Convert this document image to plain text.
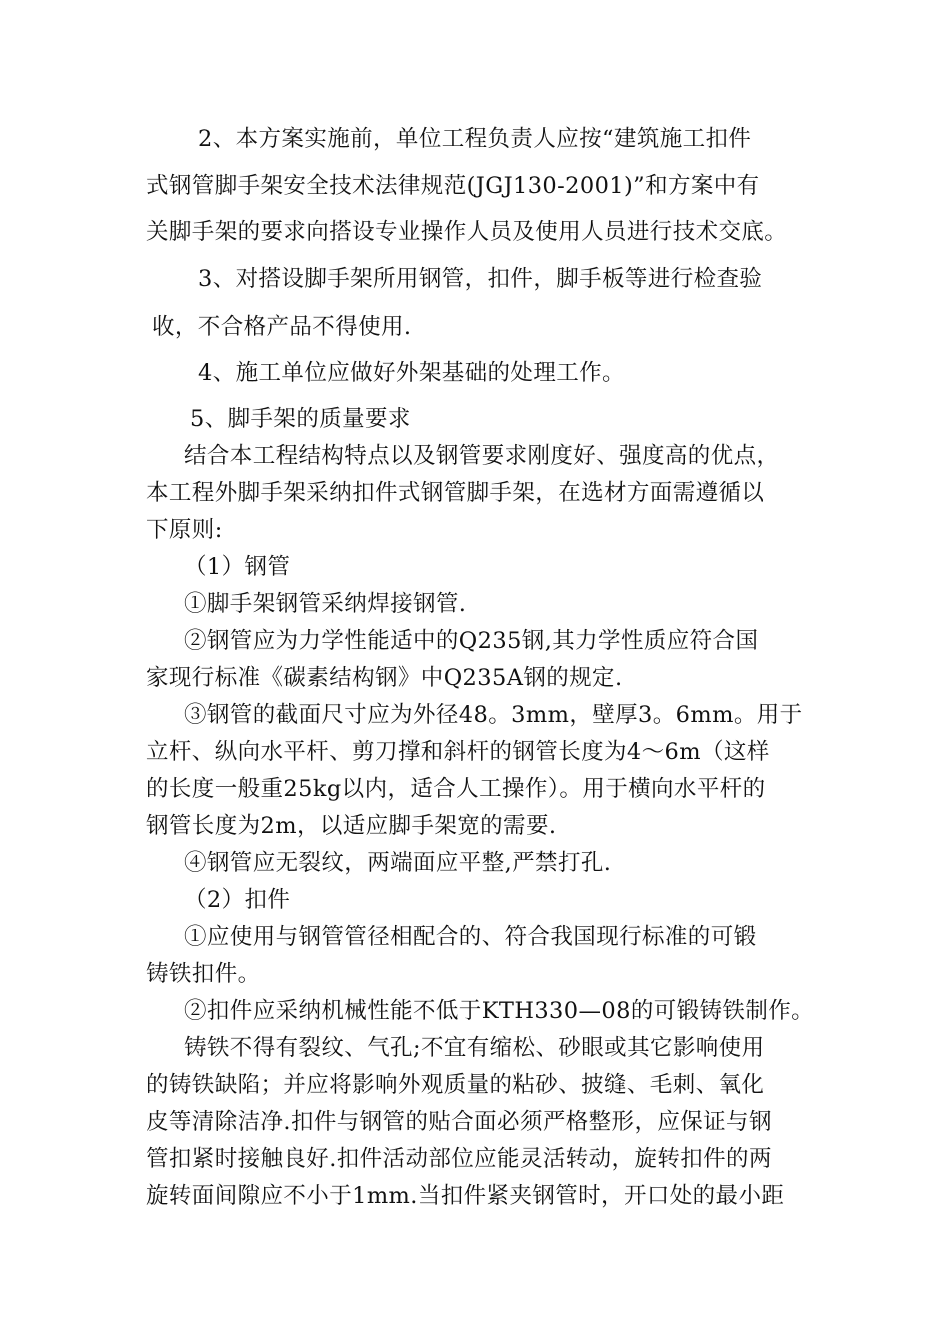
2、本方案实施前，单位工程负责人应按“建筑施工扣件
式钢管脚手架安全技术法律规范(JGJ130-2001)”和方案中有
关脚手架的要求向搭设专业操作人员及使用人员进行技术交底。
3、对搭设脚手架所用钢管，扣件，脚手板等进行检查验
收，不合格产品不得使用.
4、施工单位应做好外架基础的处理工作。
5、脚手架的质量要求
结合本工程结构特点以及钢管要求刚度好、强度高的优点，
本工程外脚手架采纳扣件式钢管脚手架，在选材方面需遵循以
下原则:
（1）钢管
①脚手架钢管采纳焊接钢管.
②钢管应为力学性能适中的Q235钢,其力学性质应符合国
家现行标准《碳素结构钢》中Q235A钢的规定.
③钢管的截面尺寸应为外径48。3mm，壁厚3。6mm。用于
立杆、纵向水平杆、剪刀撑和斜杆的钢管长度为4～6m（这样
的长度一般重25kg以内，适合人工操作）。用于横向水平杆的
钢管长度为2m，以适应脚手架宽的需要.
④钢管应无裂纹，两端面应平整,严禁打孔.
（2）扣件
①应使用与钢管管径相配合的、符合我国现行标准的可锻
铸铁扣件。
②扣件应采纳机械性能不低于KTH330—08的可锻铸铁制作。
铸铁不得有裂纹、气孔;不宜有缩松、砂眼或其它影响使用
的铸铁缺陷；并应将影响外观质量的粘砂、披缝、毛刺、氧化
皮等清除洁净.扣件与钢管的贴合面必须严格整形，应保证与钢
管扣紧时接触良好.扣件活动部位应能灵活转动，旋转扣件的两
旋转面间隙应不小于1mm.当扣件紧夹钢管时，开口处的最小距
